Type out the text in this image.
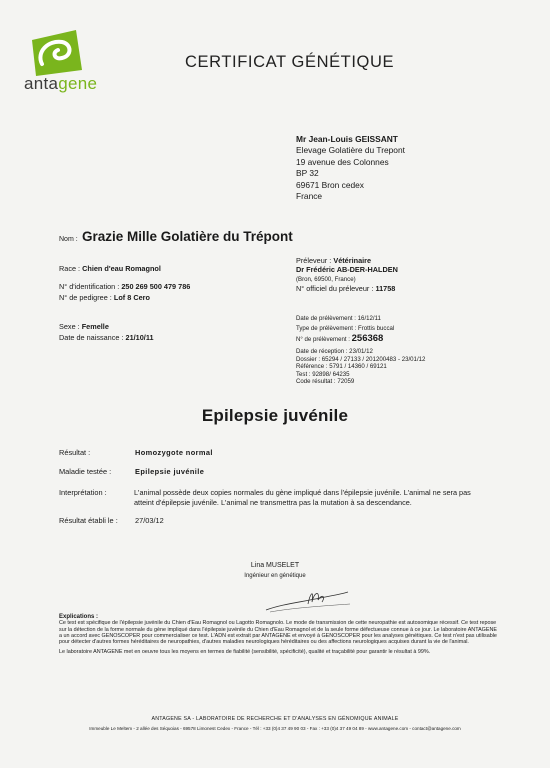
antagene
CERTIFICAT GÉNÉTIQUE
Mr Jean-Louis GEISSANT
Elevage Golatière du Trepont
19 avenue des Colonnes
BP 32
69671 Bron cedex
France
Nom : Grazie Mille Golatière du Trépont
Race : Chien d'eau Romagnol
N° d'identification : 250 269 500 479 786
N° de pedigree : Lof 8 Cero
Sexe : Femelle
Date de naissance : 21/10/11
Préleveur : Vétérinaire
Dr Frédéric AB-DER-HALDEN
(Bron, 69500, France)
N° officiel du préleveur : 11758
Date de prélèvement : 16/12/11
Type de prélèvement : Frottis buccal
N° de prélèvement : 256368
Date de réception : 23/01/12
Dossier : 65294 / 27133 / 201200483 - 23/01/12
Référence : 5791 / 14360 / 69121
Test : 92898/ 64235
Code résultat : 72059
Epilepsie juvénile
Résultat :	Homozygote normal
Maladie testée :	Epilepsie juvénile
Interprétation :	L'animal possède deux copies normales du gène impliqué dans l'épilepsie juvénile. L'animal ne sera pas atteint d'épilepsie juvénile. L'animal ne transmettra pas la mutation à sa descendance.
Résultat établi le : 27/03/12
Lina MUSELET
Ingénieur en génétique
Explications :
Ce test est spécifique de l'épilepsie juvénile du Chien d'Eau Romagnol ou Lagotto Romagnolo. Le mode de transmission de cette neuropathie est autosomique récessif. Ce test repose sur la détection de la forme normale du gène impliqué dans l'épilepsie juvénile du Chien d'Eau Romagnol et de la seule forme défectueuse connue à ce jour. Le laboratoire ANTAGENE a un accord avec GENOSCOPER pour commercialiser ce test. L'ADN est extrait par ANTAGENE et envoyé à GENOSCOPER pour les analyses génétiques. Ce test n'est pas utilisable pour détecter d'autres formes héréditaires de neuropathies, d'autres maladies neurologiques héréditaires ou des affections neurologiques acquises durant la vie de l'animal.
Le laboratoire ANTAGENE met en oeuvre tous les moyens en termes de fiabilité (sensibilité, spécificité), qualité et traçabilité pour garantir le résultat à 99%.
ANTAGENE SA - LABORATOIRE DE RECHERCHE ET D'ANALYSES EN GÉNOMIQUE ANIMALE
Immeuble Le Meltem - 2 allée des Séquoias - 69578 Limonest Cedex - France - Tél : +33 (0)4 37 49 90 03 - Fax : +33 (0)4 37 49 04 89 - www.antagene.com - contact@antagene.com
